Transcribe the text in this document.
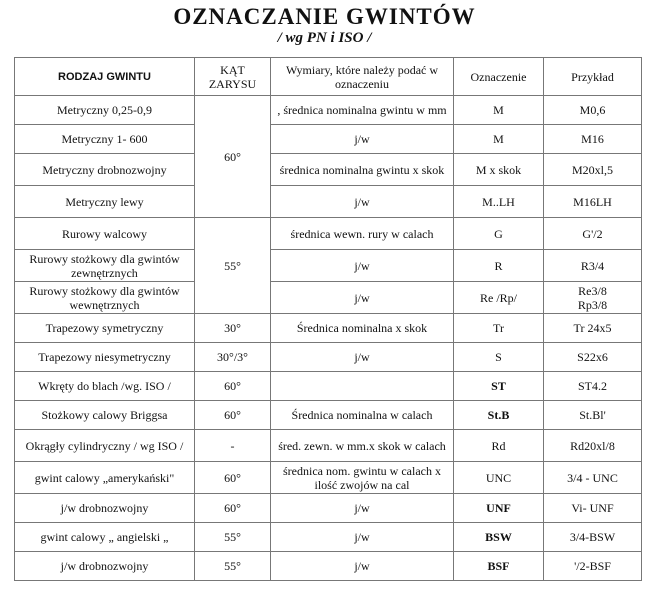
OZNACZANIE GWINTÓW
/ wg PN i ISO /
RODZAJ GWINTU	KĄT ZARYSU	Wymiary, które należy podać w oznaczeniu	Oznaczenie	Przykład
Metryczny 0,25-0,9	60°	, średnica nominalna gwintu w mm	M	M0,6
Metryczny 1- 600		j/w	M	M16
Metryczny drobnozwojny		średnica nominalna gwintu x skok	M x skok	M20xl,5
Metryczny lewy		j/w	M..LH	M16LH
Rurowy walcowy	55°	średnica wewn. rury w calach	G	G'/2
Rurowy stożkowy dla gwintów zewnętrznych		j/w	R	R3/4
Rurowy stożkowy dla gwintów wewnętrznych		j/w	Re /Rp/	Re3/8
Rp3/8

Trapezowy symetryczny	30°	Średnica nominalna x skok	Tr	Tr 24x5
Trapezowy niesymetryczny	30°/3°	j/w	S	S22x6
Wkręty do blach /wg. ISO /	60°		ST	ST4.2
Stożkowy calowy Briggsa	60°	Średnica nominalna w calach	St.B	St.Bl'
Okrągły cylindryczny / wg ISO /	-	śred. zewn. w mm.x skok w calach	Rd	Rd20xl/8
gwint calowy „amerykański"	60°	średnica nom. gwintu w calach x ilość zwojów na cal	UNC	3/4 - UNC
j/w drobnozwojny	60°	j/w	UNF	Vi- UNF
gwint calowy „ angielski „	55°	j/w	BSW	3/4-BSW
j/w drobnozwojny	55°	j/w	BSF	'/2-BSF
